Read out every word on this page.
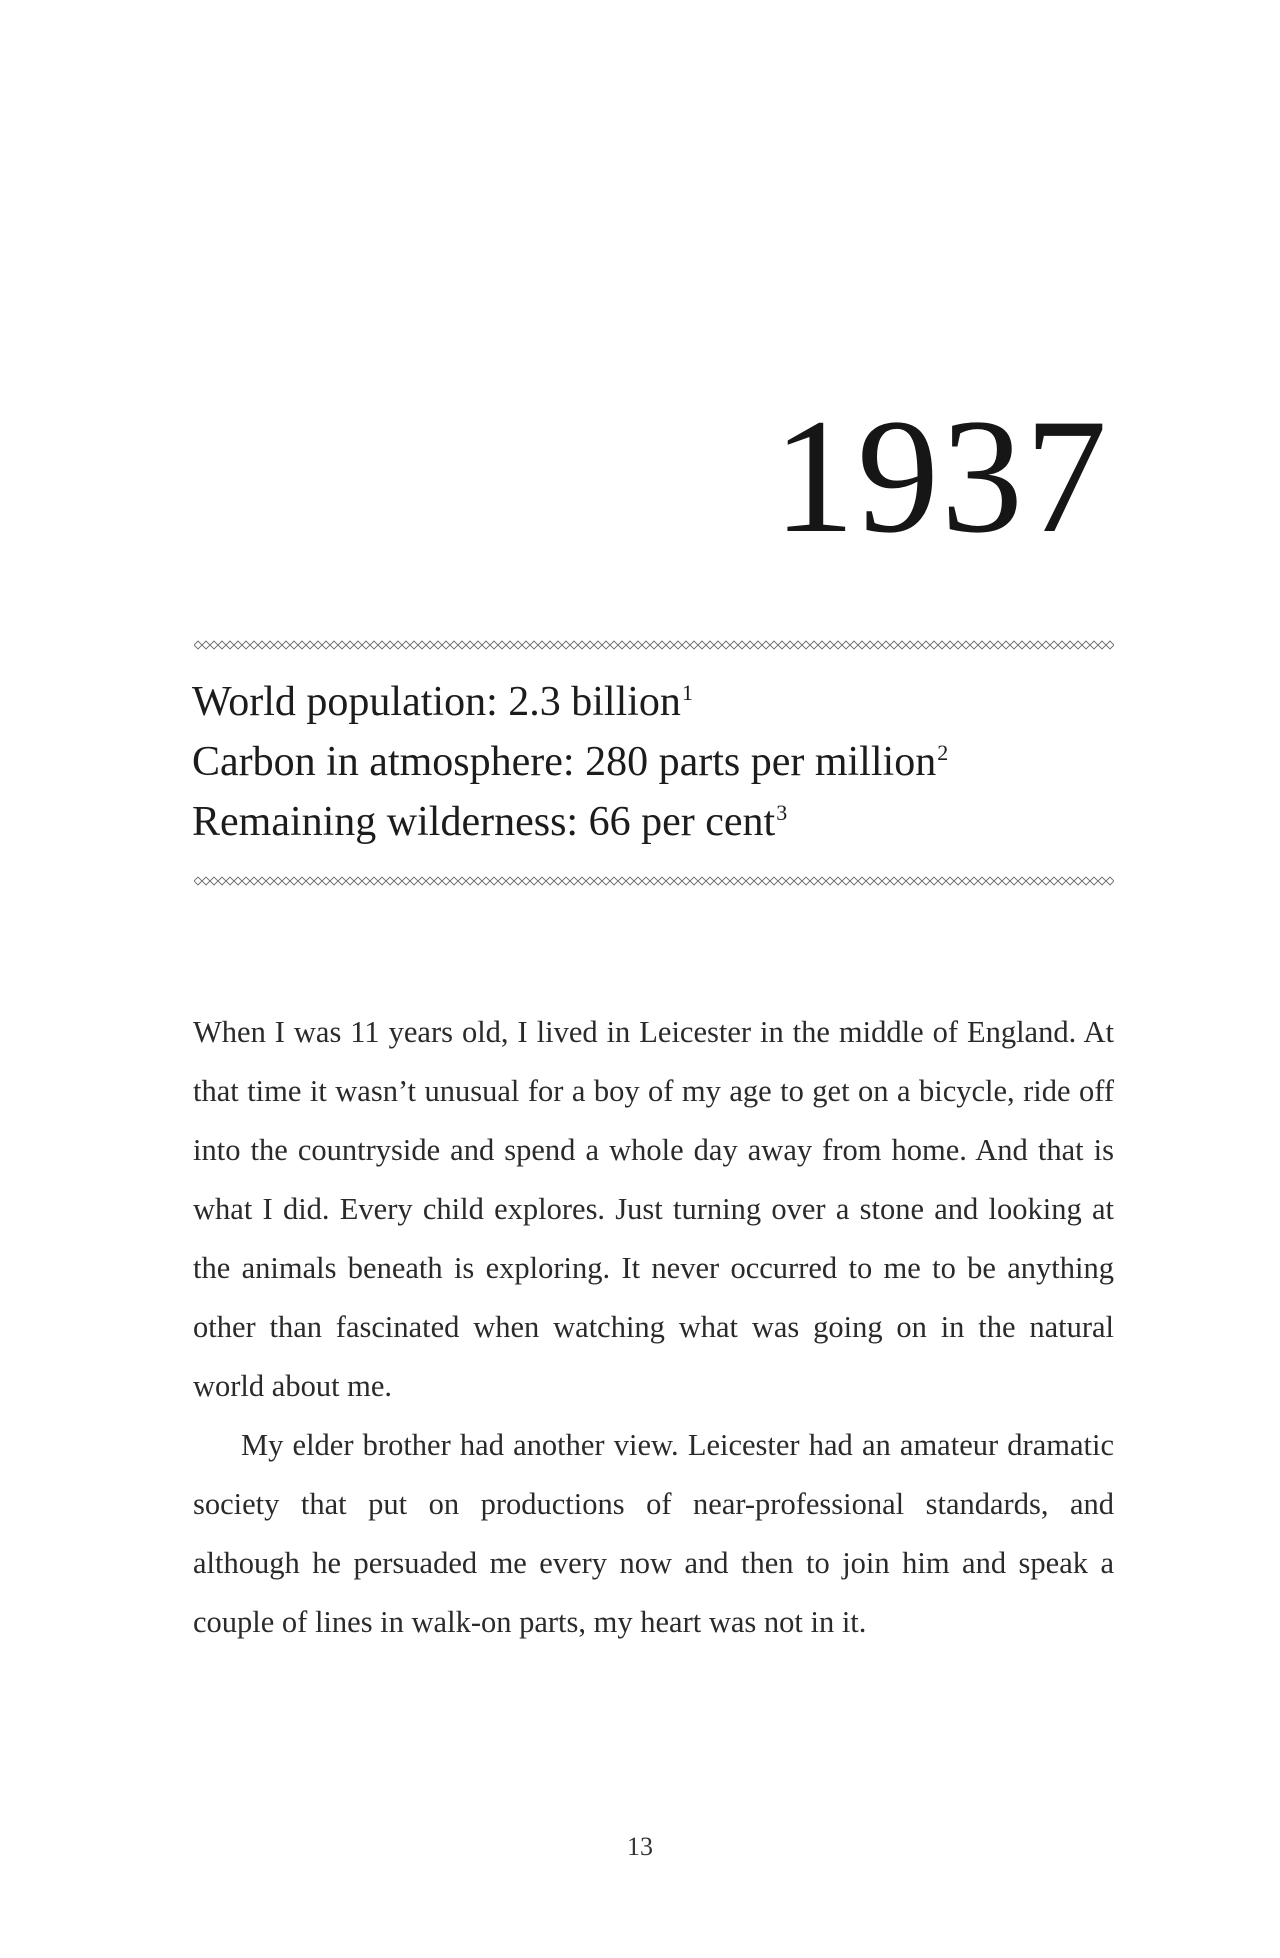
1937
World population: 2.3 billion$^1$
Carbon in atmosphere: 280 parts per million$^2$
Remaining wilderness: 66 per cent$^3$

When I was 11 years old, I lived in Leicester in the middle of England. At that time it wasn’t unusual for a boy of my age to get on a bicycle, ride off into the countryside and spend a whole day away from home. And that is what I did. Every child explores. Just turning over a stone and looking at the animals beneath is exploring. It never occurred to me to be anything other than fascinated when watching what was going on in the natural world about me.

My elder brother had another view. Leicester had an amateur dramatic society that put on productions of near-professional standards, and although he persuaded me every now and then to join him and speak a couple of lines in walk-on parts, my heart was not in it.

13
